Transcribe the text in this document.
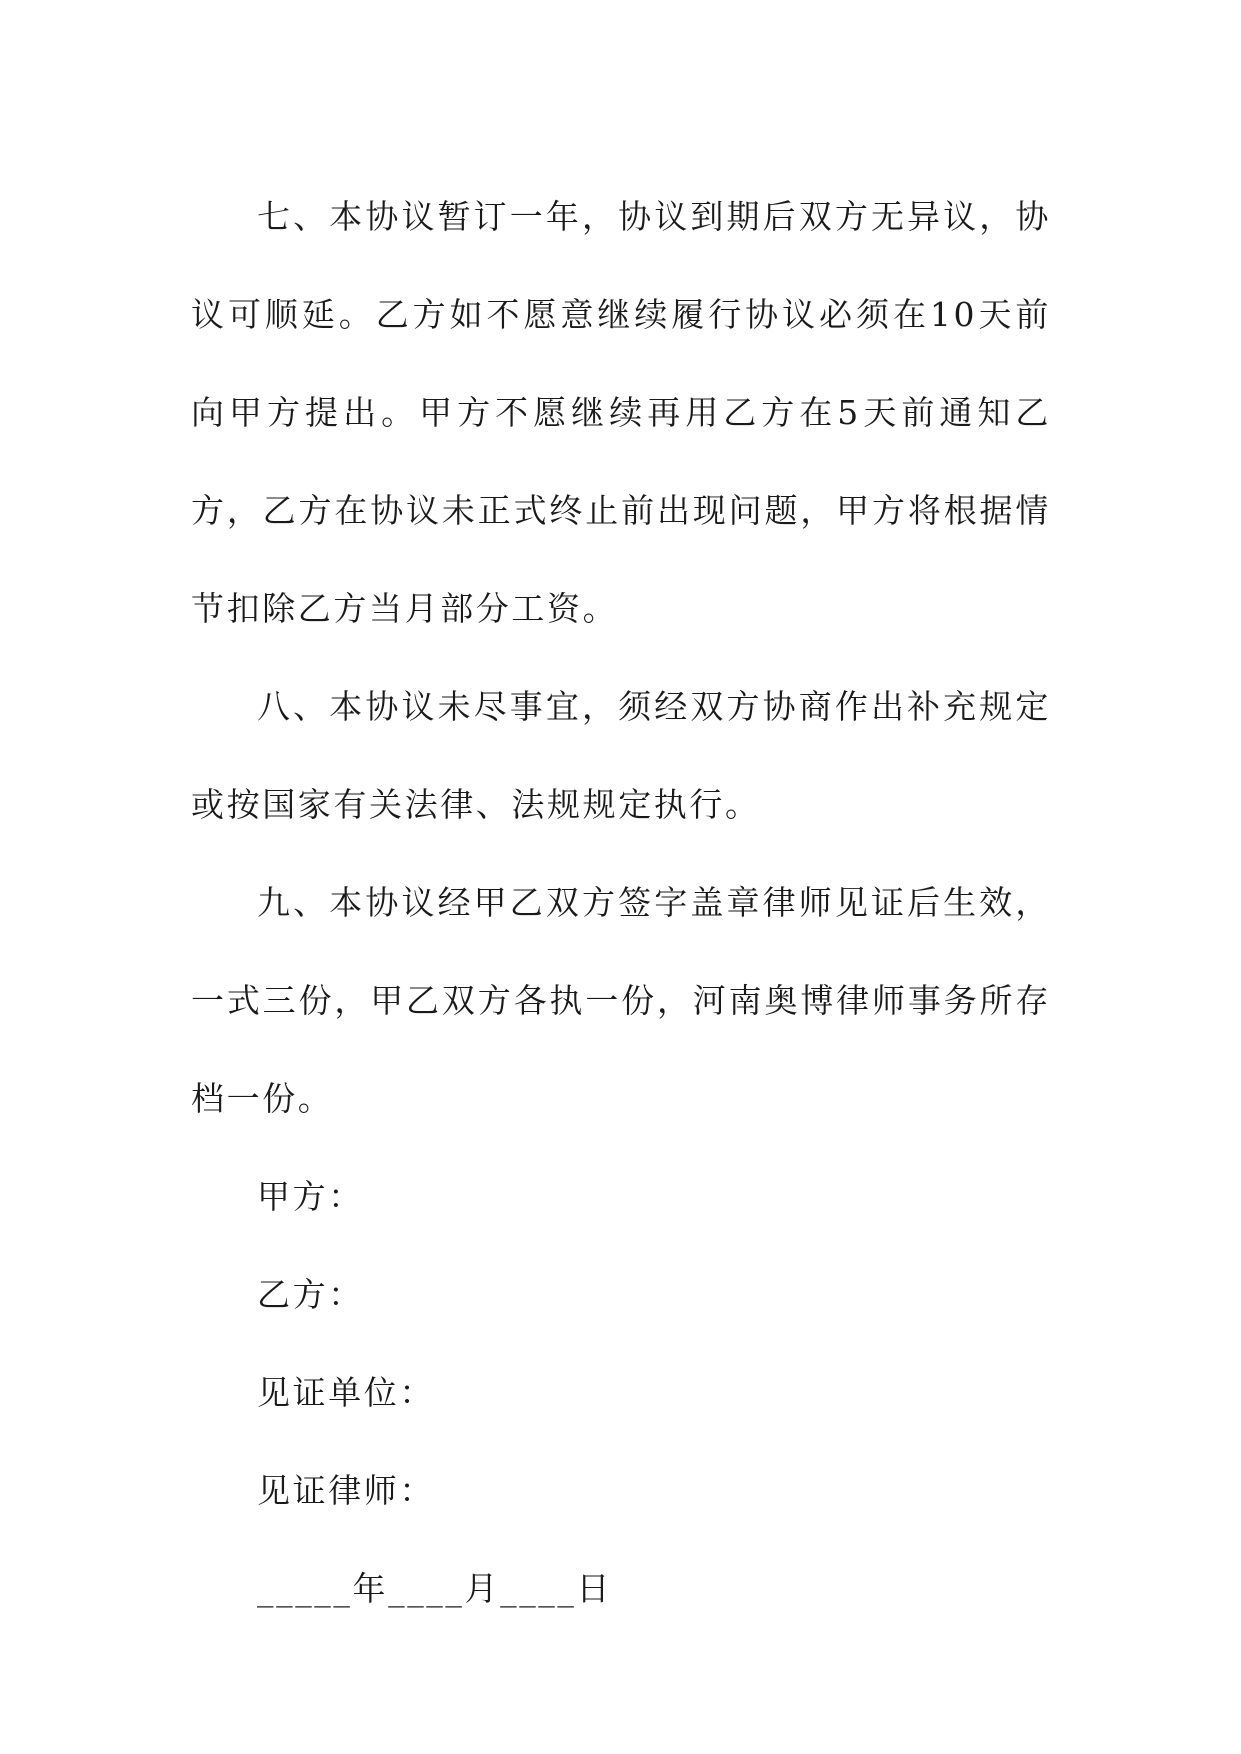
七、本协议暂订一年，协议到期后双方无异议，协议可顺延。乙方如不愿意继续履行协议必须在10天前向甲方提出。甲方不愿继续再用乙方在5天前通知乙方，乙方在协议未正式终止前出现问题，甲方将根据情节扣除乙方当月部分工资。

八、本协议未尽事宜，须经双方协商作出补充规定或按国家有关法律、法规规定执行。

九、本协议经甲乙双方签字盖章律师见证后生效，一式三份，甲乙双方各执一份，河南奥博律师事务所存档一份。

甲方：

乙方：

见证单位：

见证律师：

_____年____月____日
